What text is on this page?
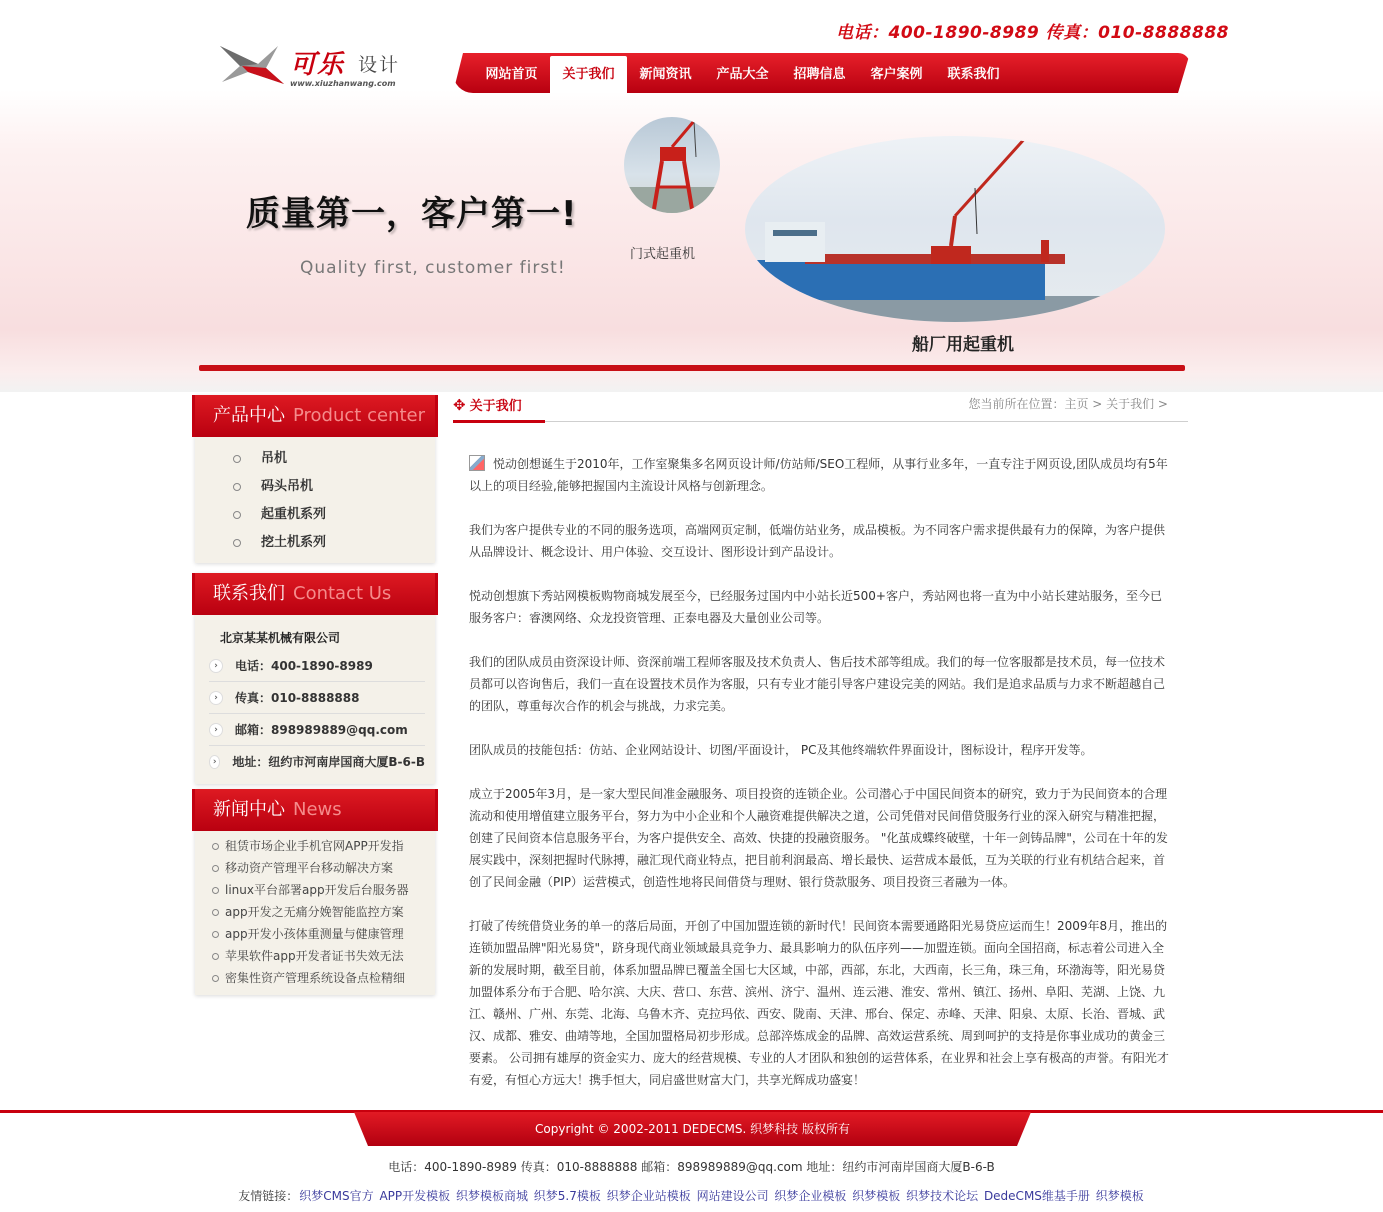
可乐 设计
www.xiuzhanwang.com
电话：400-1890-8989 传真：010-8888888
网站首页	关于我们	新闻资讯	产品大全	招聘信息	客户案例	联系我们
质量第一，客户第一!
Quality first, customer first!
门式起重机
船厂用起重机
产品中心 Product center
吊机
码头吊机
起重机系列
挖土机系列
联系我们 Contact Us
北京某某机械有限公司
›	电话：400-1890-8989
›	传真：010-8888888
›	邮箱：898989889@qq.com
›	地址：纽约市河南岸国商大厦B-6-B
新闻中心 News
租赁市场企业手机官网APP开发指
移动资产管理平台移动解决方案
linux平台部署app开发后台服务器
app开发之无痛分娩智能监控方案
app开发小孩体重测量与健康管理
苹果软件app开发者证书失效无法
密集性资产管理系统设备点检精细
✥ 关于我们	您当前所在位置：主页 > 关于我们 >

悦动创想诞生于2010年，工作室聚集多名网页设计师/仿站师/SEO工程师，从事行业多年，一直专注于网页设,团队成员均有5年以上的项目经验,能够把握国内主流设计风格与创新理念。

我们为客户提供专业的不同的服务选项，高端网页定制，低端仿站业务，成品模板。为不同客户需求提供最有力的保障，为客户提供从品牌设计、概念设计、用户体验、交互设计、图形设计到产品设计。

悦动创想旗下秀站网模板购物商城发展至今，已经服务过国内中小站长近500+客户，秀站网也将一直为中小站长建站服务，至今已服务客户：睿澳网络、众龙投资管理、正泰电器及大量创业公司等。

我们的团队成员由资深设计师、资深前端工程师客服及技术负责人、售后技术部等组成。我们的每一位客服都是技术员，每一位技术员都可以咨询售后，我们一直在设置技术员作为客服，只有专业才能引导客户建设完美的网站。我们是追求品质与力求不断超越自己的团队，尊重每次合作的机会与挑战，力求完美。

团队成员的技能包括：仿站、企业网站设计、切图/平面设计， PC及其他终端软件界面设计，图标设计，程序开发等。

成立于2005年3月，是一家大型民间准金融服务、项目投资的连锁企业。公司潜心于中国民间资本的研究，致力于为民间资本的合理流动和使用增值建立服务平台，努力为中小企业和个人融资难提供解决之道，公司凭借对民间借贷服务行业的深入研究与精准把握，创建了民间资本信息服务平台，为客户提供安全、高效、快捷的投融资服务。 "化茧成蝶终破壁，十年一剑铸品牌"，公司在十年的发展实践中，深刻把握时代脉搏，融汇现代商业特点，把目前利润最高、增长最快、运营成本最低，互为关联的行业有机结合起来，首创了民间金融（PIP）运营模式，创造性地将民间借贷与理财、银行贷款服务、项目投资三者融为一体。

打破了传统借贷业务的单一的落后局面，开创了中国加盟连锁的新时代！民间资本需要通路阳光易贷应运而生！2009年8月，推出的连锁加盟品牌"阳光易贷"，跻身现代商业领域最具竞争力、最具影响力的队伍序列——加盟连锁。面向全国招商，标志着公司进入全新的发展时期，截至目前，体系加盟品牌已覆盖全国七大区域，中部，西部，东北，大西南，长三角，珠三角，环渤海等，阳光易贷加盟体系分布于合肥、哈尔滨、大庆、营口、东营、滨州、济宁、温州、连云港、淮安、常州、镇江、扬州、阜阳、芜湖、上饶、九江、赣州、广州、东莞、北海、乌鲁木齐、克拉玛依、西安、陇南、天津、邢台、保定、赤峰、天津、阳泉、太原、长治、晋城、武汉、成都、雅安、曲靖等地，全国加盟格局初步形成。总部淬炼成金的品牌、高效运营系统、周到呵护的支持是你事业成功的黄金三要素。 公司拥有雄厚的资金实力、庞大的经营规模、专业的人才团队和独创的运营体系，在业界和社会上享有极高的声誉。有阳光才有爱，有恒心方远大！携手恒大，同启盛世财富大门，共享光辉成功盛宴！

Copyright © 2002-2011 DEDECMS. 织梦科技 版权所有
电话：400-1890-8989 传真：010-8888888 邮箱：898989889@qq.com 地址：纽约市河南岸国商大厦B-6-B
友情链接：织梦CMS官方 APP开发模板 织梦模板商城 织梦5.7模板 织梦企业站模板 网站建设公司 织梦企业模板 织梦模板 织梦技术论坛 DedeCMS维基手册 织梦模板
